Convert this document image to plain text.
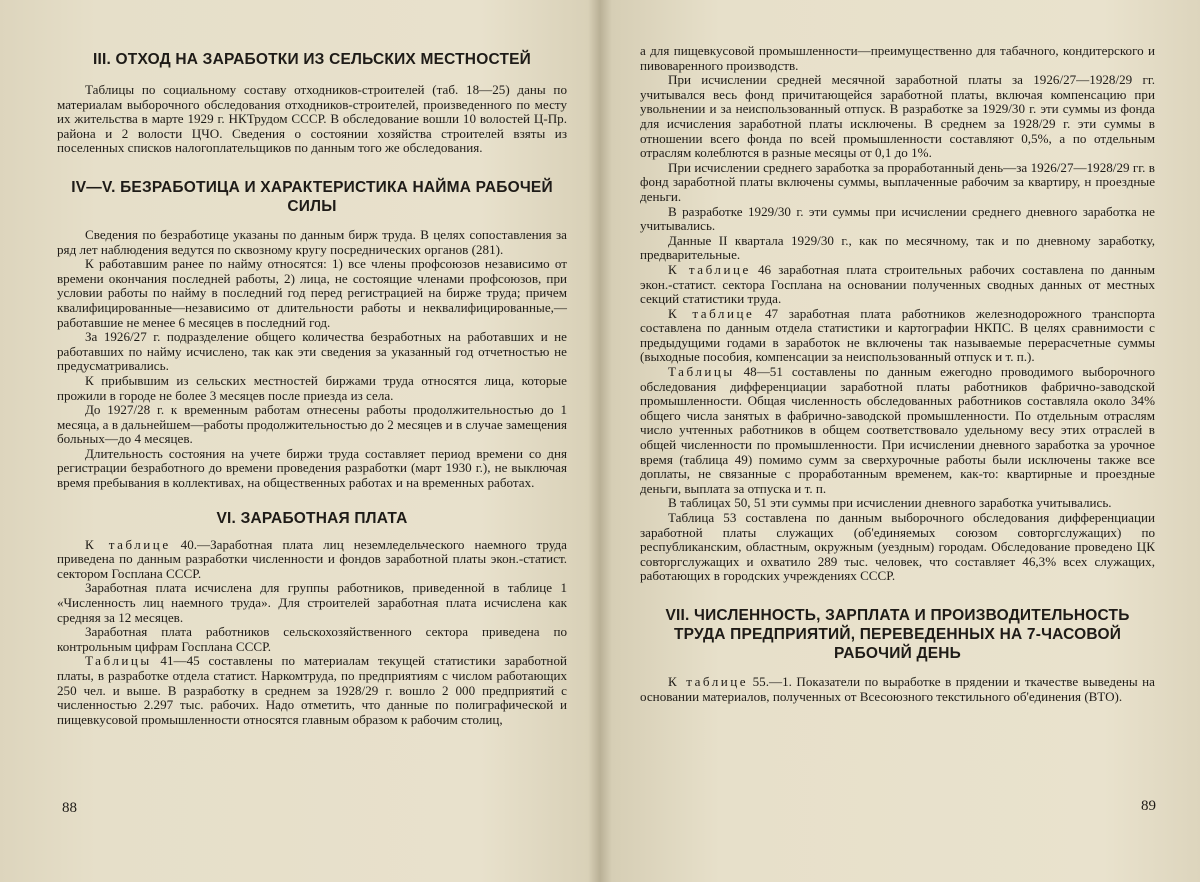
III. ОТХОД НА ЗАРАБОТКИ ИЗ СЕЛЬСКИХ МЕСТНОСТЕЙ

Таблицы по социальному составу отходников-строителей (таб. 18—25) даны по материалам выборочного обследования отходников-строителей, произведенного по месту их жительства в марте 1929 г. НКТрудом СССР. В обследование вошли 10 волостей Ц-Пр. района и 2 волости ЦЧО. Сведения о состоянии хозяйства строителей взяты из поселенных списков налогоплательщиков по данным того же обследования.

IV—V. БЕЗРАБОТИЦА И ХАРАКТЕРИСТИКА НАЙМА РАБОЧЕЙ СИЛЫ

Сведения по безработице указаны по данным бирж труда. В целях сопоставления за ряд лет наблюдения ведутся по сквозному кругу посреднических органов (281).

К работавшим ранее по найму относятся: 1) все члены профсоюзов независимо от времени окончания последней работы, 2) лица, не состоящие членами профсоюзов, при условии работы по найму в последний год перед регистрацией на бирже труда; причем квалифицированные—независимо от длительности работы и неквалифицированные,—работавшие не менее 6 месяцев в последний год.

За 1926/27 г. подразделение общего количества безработных на работавших и не работавших по найму исчислено, так как эти сведения за указанный год отчетностью не предусматривались.

К прибывшим из сельских местностей биржами труда относятся лица, которые прожили в городе не более 3 месяцев после приезда из села.

До 1927/28 г. к временным работам отнесены работы продолжительностью до 1 месяца, а в дальнейшем—работы продолжительностью до 2 месяцев и в случае замещения больных—до 4 месяцев.

Длительность состояния на учете биржи труда составляет период времени со дня регистрации безработного до времени проведения разработки (март 1930 г.), не выключая время пребывания в коллективах, на общественных работах и на временных работах.

VI. ЗАРАБОТНАЯ ПЛАТА

К таблице 40.—Заработная плата лиц неземледельческого наемного труда приведена по данным разработки численности и фондов заработной платы экон.-статист. сектором Госплана СССР.

Заработная плата исчислена для группы работников, приведенной в таблице 1 «Численность лиц наемного труда». Для строителей заработная плата исчислена как средняя за 12 месяцев.

Заработная плата работников сельскохозяйственного сектора приведена по контрольным цифрам Госплана СССР.

Таблицы 41—45 составлены по материалам текущей статистики заработной платы, в разработке отдела статист. Наркомтруда, по предприятиям с числом работающих 250 чел. и выше. В разработку в среднем за 1928/29 г. вошло 2 000 предприятий с численностью 2.297 тыс. рабочих. Надо отметить, что данные по полиграфической и пищевкусовой промышленности относятся главным образом к рабочим столиц,

88

а для пищевкусовой промышленности—преимущественно для табачного, кондитерского и пивоваренного производств.

При исчислении средней месячной заработной платы за 1926/27—1928/29 гг. учитывался весь фонд причитающейся заработной платы, включая компенсацию при увольнении и за неиспользованный отпуск. В разработке за 1929/30 г. эти суммы из фонда для исчисления заработной платы исключены. В среднем за 1928/29 г. эти суммы в отношении всего фонда по всей промышленности составляют 0,5%, а по отдельным отраслям колеблются в разные месяцы от 0,1 до 1%.

При исчислении среднего заработка за проработанный день—за 1926/27—1928/29 гг. в фонд заработной платы включены суммы, выплаченные рабочим за квартиру, н проездные деньги.

В разработке 1929/30 г. эти суммы при исчислении среднего дневного заработка не учитывались.

Данные II квартала 1929/30 г., как по месячному, так и по дневному заработку, предварительные.

К таблице 46 заработная плата строительных рабочих составлена по данным экон.-статист. сектора Госплана на основании полученных сводных данных от местных секций статистики труда.

К таблице 47 заработная плата работников железнодорожного транспорта составлена по данным отдела статистики и картографии НКПС. В целях сравнимости с предыдущими годами в заработок не включены так называемые перерасчетные суммы (выходные пособия, компенсации за неиспользованный отпуск и т. п.).

Таблицы 48—51 составлены по данным ежегодно проводимого выборочного обследования дифференциации заработной платы работников фабрично-заводской промышленности. Общая численность обследованных работников составляла около 34% общего числа занятых в фабрично-заводской промышленности. По отдельным отраслям число учтенных работников в общем соответствовало удельному весу этих отраслей в общей численности по промышленности. При исчислении дневного заработка за урочное время (таблица 49) помимо сумм за сверхурочные работы были исключены также все доплаты, не связанные с проработанным временем, как-то: квартирные и проездные деньги, выплата за отпуска и т. п.

В таблицах 50, 51 эти суммы при исчислении дневного заработка учитывались.

Таблица 53 составлена по данным выборочного обследования дифференциации заработной платы служащих (об'единяемых союзом совторгслужащих) по республиканским, областным, окружным (уездным) городам. Обследование проведено ЦК совторгслужащих и охватило 289 тыс. человек, что составляет 46,3% всех служащих, работающих в городских учреждениях СССР.

VII. ЧИСЛЕННОСТЬ, ЗАРПЛАТА И ПРОИЗВОДИТЕЛЬНОСТЬ ТРУДА ПРЕДПРИЯТИЙ, ПЕРЕВЕДЕННЫХ НА 7-ЧАСОВОЙ РАБОЧИЙ ДЕНЬ

К таблице 55.—1. Показатели по выработке в прядении и ткачестве выведены на основании материалов, полученных от Всесоюзного текстильного об'единения (ВТО).

89
